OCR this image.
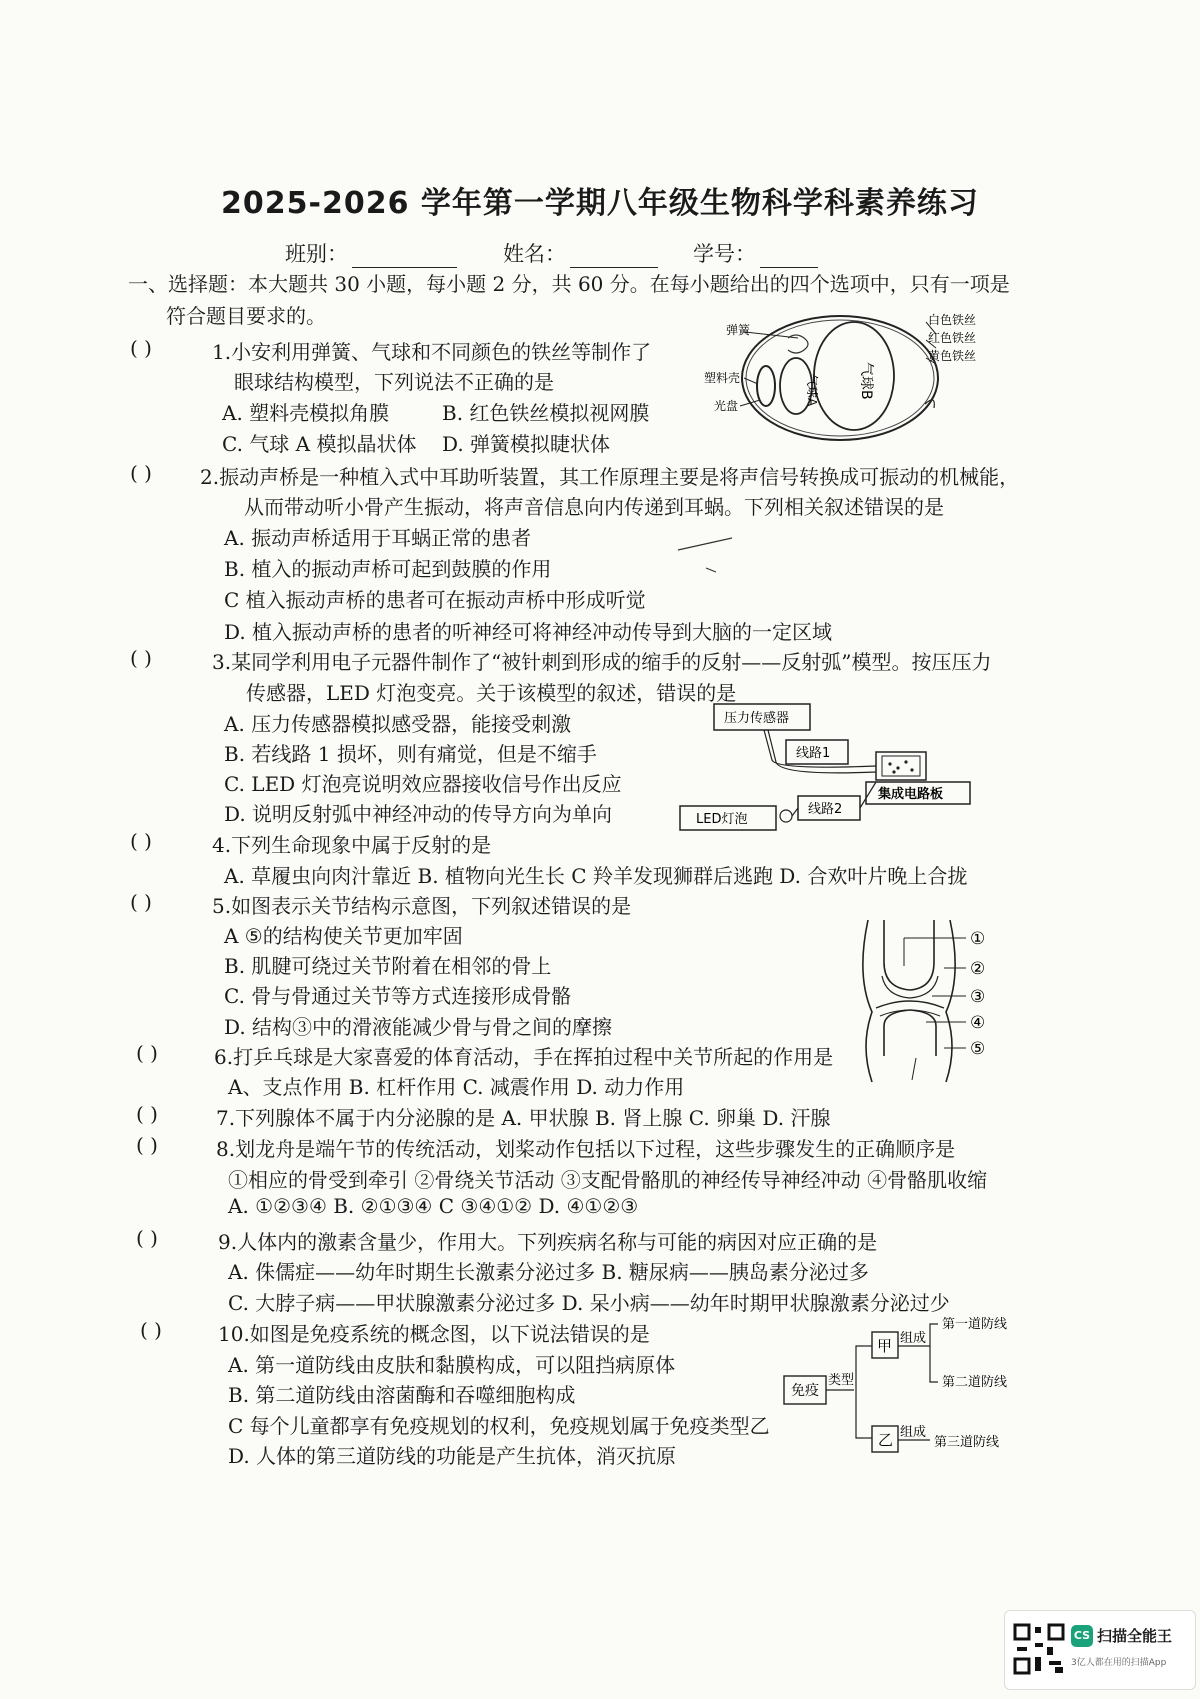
2025-2026 学年第一学期八年级生物科学科素养练习
班别：	姓名：	学号：
一、选择题：本大题共 30 小题，每小题 2 分，共 60 分。在每小题给出的四个选项中，只有一项是
符合题目要求的。
( )	1.小安利用弹簧、气球和不同颜色的铁丝等制作了
眼球结构模型，下列说法不正确的是
A. 塑料壳模拟角膜	B. 红色铁丝模拟视网膜
C. 气球 A 模拟晶状体 D. 弹簧模拟睫状体
弹簧
塑料壳
光盘
白色铁丝
红色铁丝
黄色铁丝
气球A	气球B
( ) 2.振动声桥是一种植入式中耳助听装置，其工作原理主要是将声信号转换成可振动的机械能，
从而带动听小骨产生振动，将声音信息向内传递到耳蜗。下列相关叙述错误的是
A. 振动声桥适用于耳蜗正常的患者
B. 植入的振动声桥可起到鼓膜的作用
C 植入振动声桥的患者可在振动声桥中形成听觉
D. 植入振动声桥的患者的听神经可将神经冲动传导到大脑的一定区域
( )	3.某同学利用电子元器件制作了“被针刺到形成的缩手的反射——反射弧”模型。按压压力
传感器，LED 灯泡变亮。关于该模型的叙述，错误的是
A. 压力传感器模拟感受器，能接受刺激
B. 若线路 1 损坏，则有痛觉，但是不缩手
C. LED 灯泡亮说明效应器接收信号作出反应
D. 说明反射弧中神经冲动的传导方向为单向
压力传感器
线路1
集成电路板
线路2
LED灯泡
( )	4.下列生命现象中属于反射的是
A. 草履虫向肉汁靠近 B. 植物向光生长 C 羚羊发现狮群后逃跑 D. 合欢叶片晚上合拢
( )	5.如图表示关节结构示意图，下列叙述错误的是
A ⑤的结构使关节更加牢固
B. 肌腱可绕过关节附着在相邻的骨上
C. 骨与骨通过关节等方式连接形成骨骼
D. 结构③中的滑液能减少骨与骨之间的摩擦
①
②
③
④
⑤
( )	6.打乒乓球是大家喜爱的体育活动，手在挥拍过程中关节所起的作用是
A、支点作用 B. 杠杆作用 C. 减震作用 D. 动力作用
( )	7.下列腺体不属于内分泌腺的是 A. 甲状腺 B. 肾上腺 C. 卵巢 D. 汗腺
( )	8.划龙舟是端午节的传统活动，划桨动作包括以下过程，这些步骤发生的正确顺序是
①相应的骨受到牵引 ②骨绕关节活动 ③支配骨骼肌的神经传导神经冲动 ④骨骼肌收缩
A. ①②③④ B. ②①③④ C ③④①② D. ④①②③
( )	9.人体内的激素含量少，作用大。下列疾病名称与可能的病因对应正确的是
A. 侏儒症——幼年时期生长激素分泌过多 B. 糖尿病——胰岛素分泌过多
C. 大脖子病——甲状腺激素分泌过多 D. 呆小病——幼年时期甲状腺激素分泌过少
( )	10.如图是免疫系统的概念图，以下说法错误的是
A. 第一道防线由皮肤和黏膜构成，可以阻挡病原体
B. 第二道防线由溶菌酶和吞噬细胞构成
C 每个儿童都享有免疫规划的权利，免疫规划属于免疫类型乙
D. 人体的第三道防线的功能是产生抗体，消灭抗原
免疫
类型
甲
乙
组成
组成
第一道防线
第二道防线
第三道防线
CS 扫描全能王
3亿人都在用的扫描App
